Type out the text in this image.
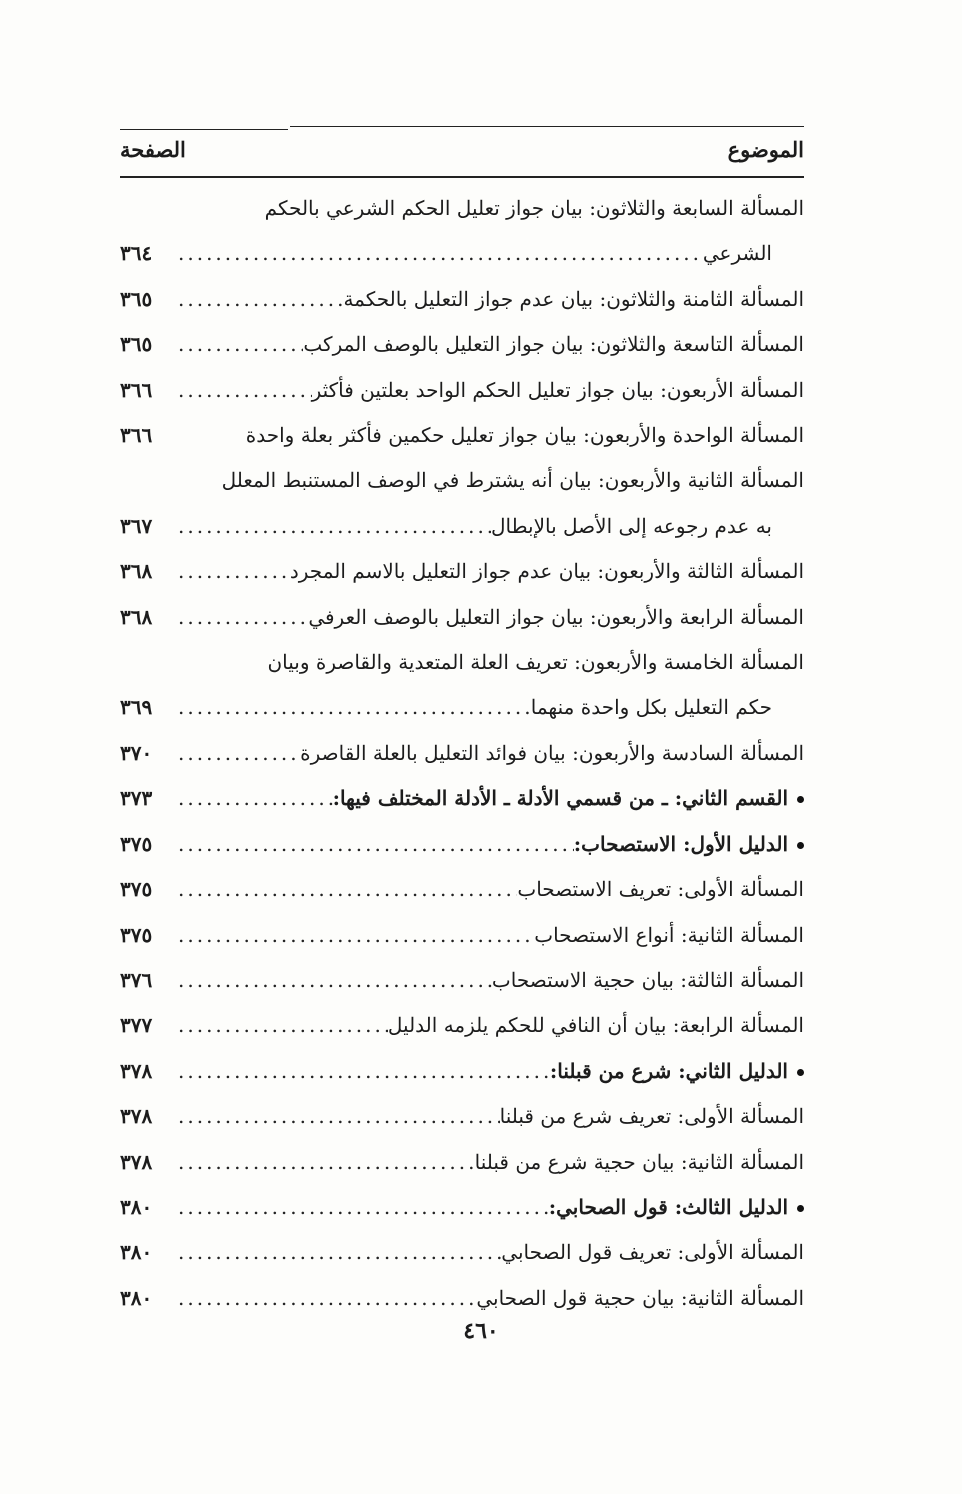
الموضوع
الصفحة
المسألة السابعة والثلاثون: بيان جواز تعليل الحكم الشرعي بالحكم
الشرعي
.....
٣٦٤
المسألة الثامنة والثلاثون: بيان عدم جواز التعليل بالحكمة
.....
٣٦٥
المسألة التاسعة والثلاثون: بيان جواز التعليل بالوصف المركب
.....
٣٦٥
المسألة الأربعون: بيان جواز تعليل الحكم الواحد بعلتين فأكثر
.....
٣٦٦
المسألة الواحدة والأربعون: بيان جواز تعليل حكمين فأكثر بعلة واحدة
٣٦٦
المسألة الثانية والأربعون: بيان أنه يشترط في الوصف المستنبط المعلل
به عدم رجوعه إلى الأصل بالإبطال
.....
٣٦٧
المسألة الثالثة والأربعون: بيان عدم جواز التعليل بالاسم المجرد
.....
٣٦٨
المسألة الرابعة والأربعون: بيان جواز التعليل بالوصف العرفي
.....
٣٦٨
المسألة الخامسة والأربعون: تعريف العلة المتعدية والقاصرة وبيان
حكم التعليل بكل واحدة منهما
.....
٣٦٩
المسألة السادسة والأربعون: بيان فوائد التعليل بالعلة القاصرة
.....
٣٧٠
القسم الثاني: ـ من قسمي الأدلة ـ الأدلة المختلف فيها:
.....
٣٧٣
الدليل الأول: الاستصحاب:
.....
٣٧٥
المسألة الأولى: تعريف الاستصحاب
.....
٣٧٥
المسألة الثانية: أنواع الاستصحاب
.....
٣٧٥
المسألة الثالثة: بيان حجية الاستصحاب
.....
٣٧٦
المسألة الرابعة: بيان أن النافي للحكم يلزمه الدليل
.....
٣٧٧
الدليل الثاني: شرع من قبلنا:
.....
٣٧٨
المسألة الأولى: تعريف شرع من قبلنا
.....
٣٧٨
المسألة الثانية: بيان حجية شرع من قبلنا
.....
٣٧٨
الدليل الثالث: قول الصحابي:
.....
٣٨٠
المسألة الأولى: تعريف قول الصحابي
.....
٣٨٠
المسألة الثانية: بيان حجية قول الصحابي
.....
٣٨٠
٤٦٠
